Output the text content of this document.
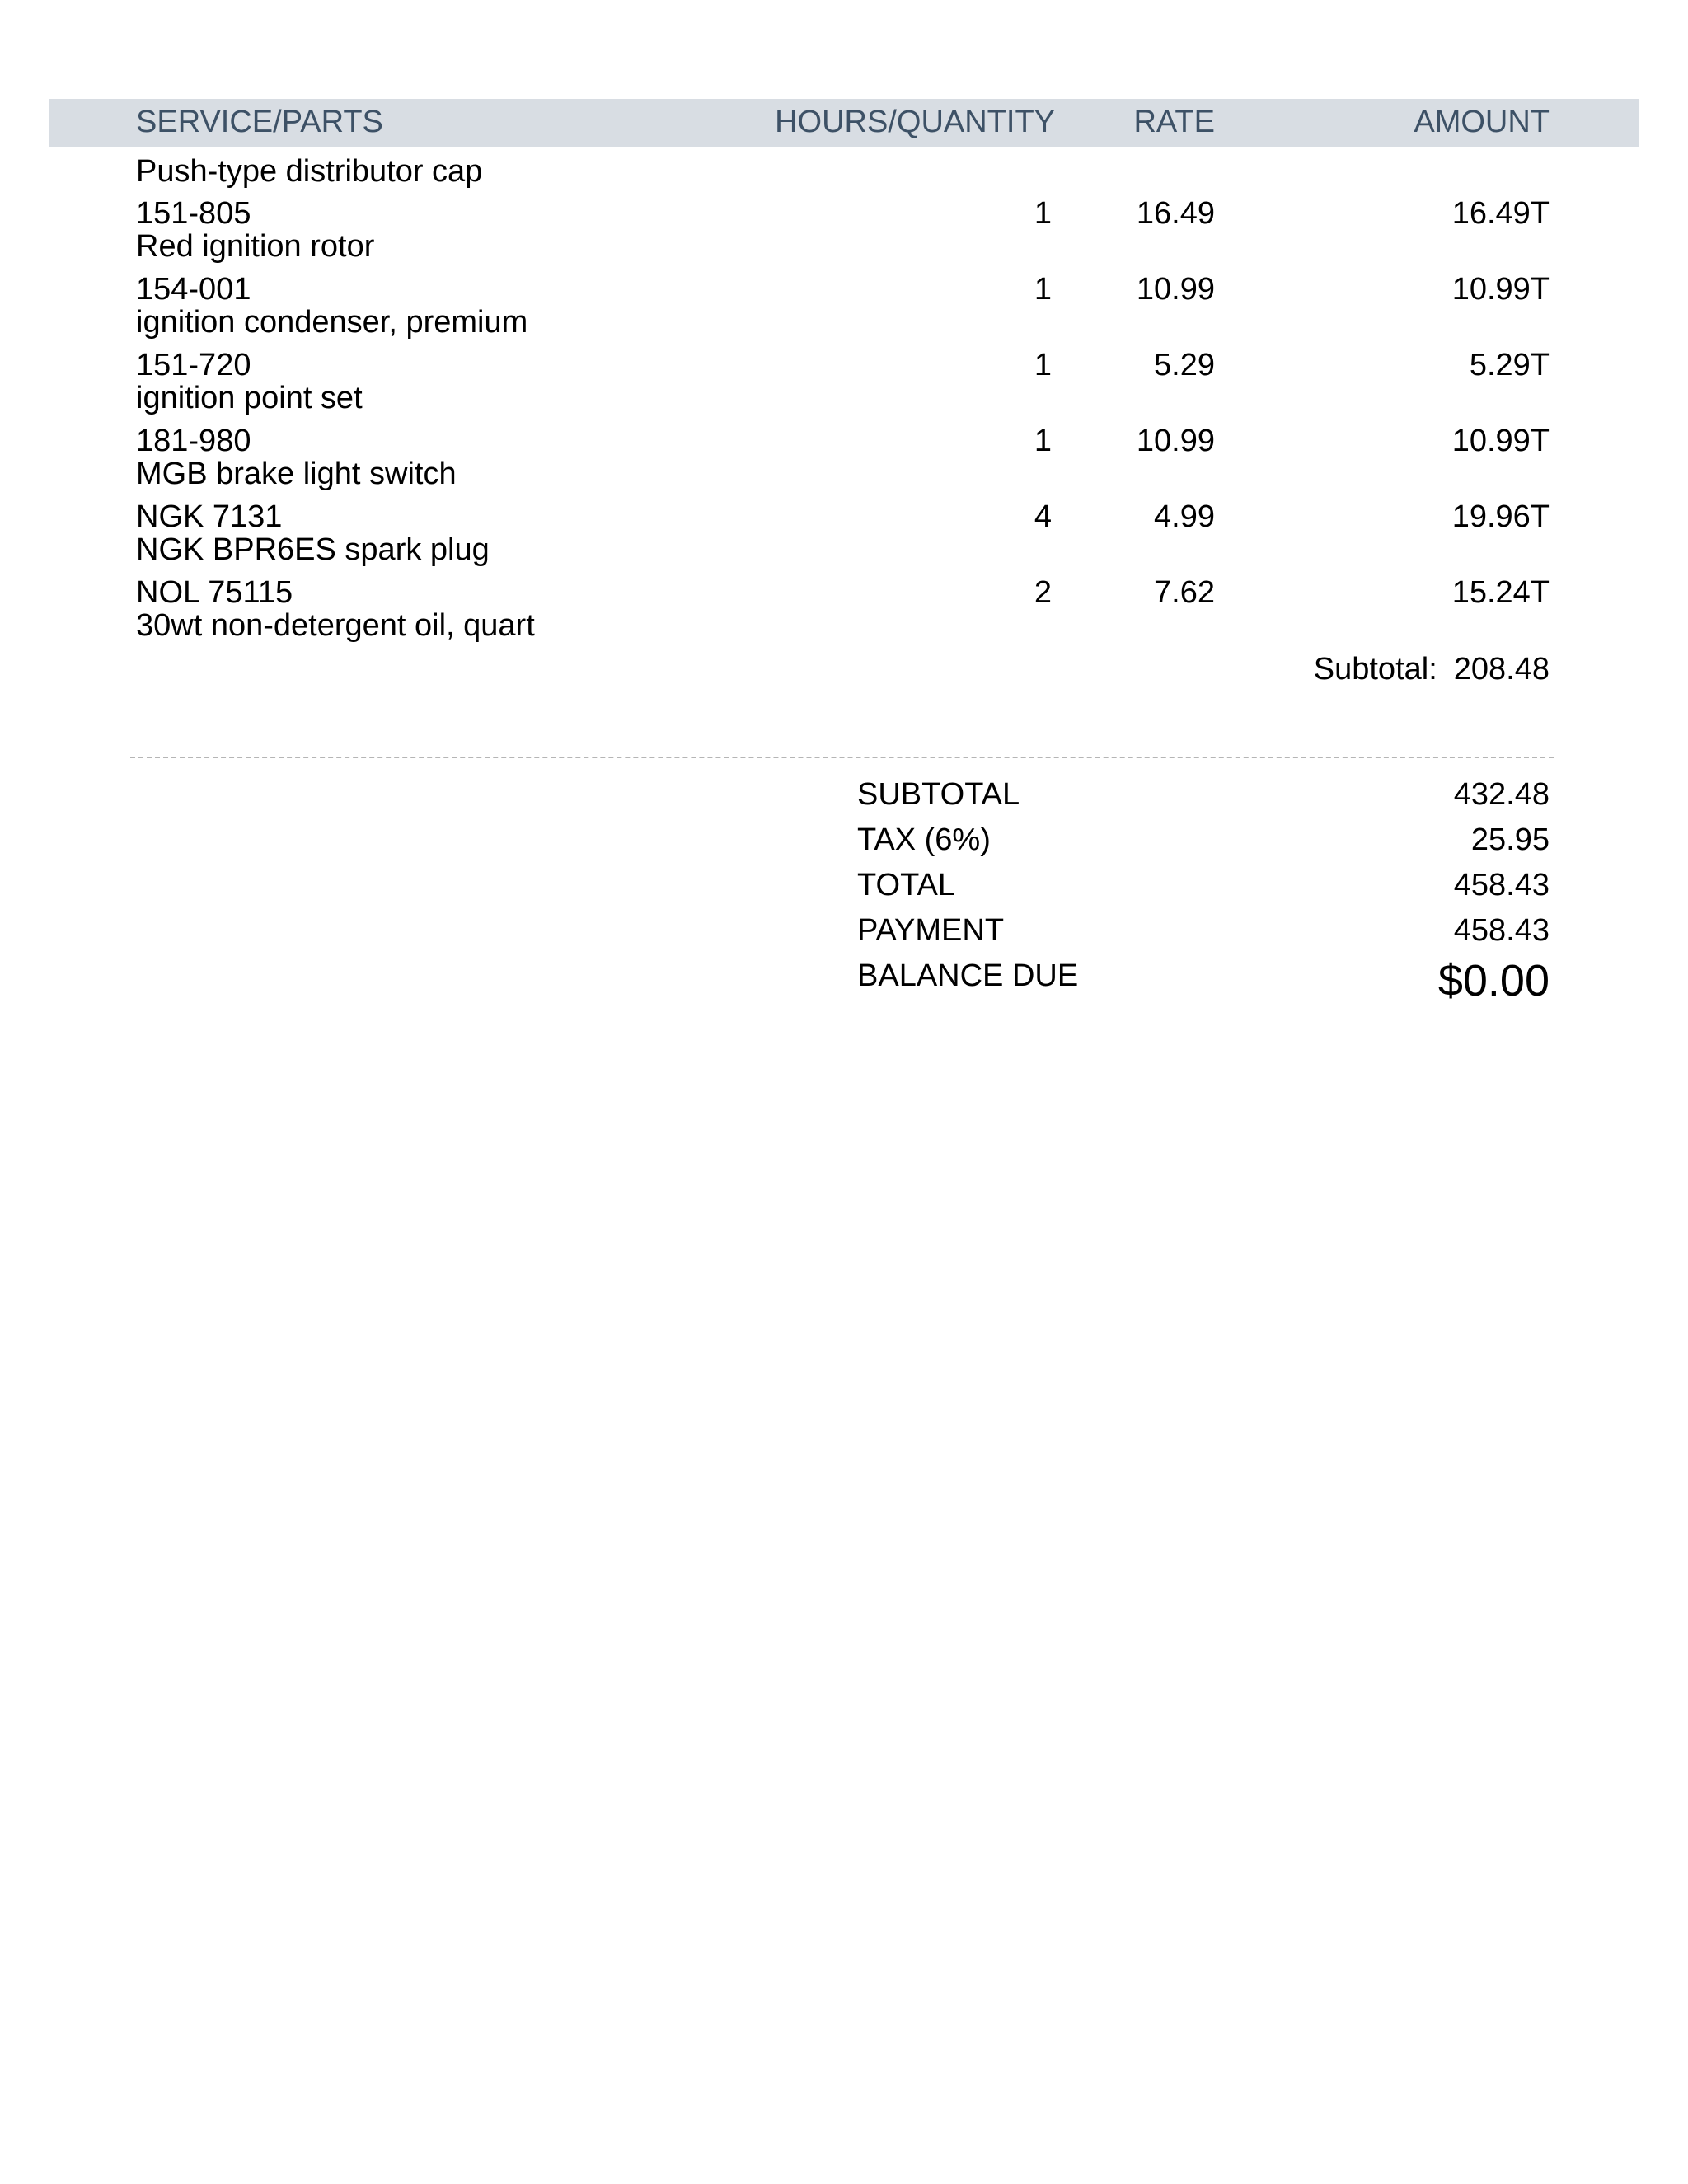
SERVICE/PARTS	HOURS/QUANTITY	RATE	AMOUNT
Push-type distributor cap
151-805	1	16.49	16.49T
Red ignition rotor
154-001	1	10.99	10.99T
ignition condenser, premium
151-720	1	5.29	5.29T
ignition point set
181-980	1	10.99	10.99T
MGB brake light switch
NGK 7131	4	4.99	19.96T
NGK BPR6ES spark plug
NOL 75115	2	7.62	15.24T
30wt non-detergent oil, quart
Subtotal: 208.48
SUBTOTAL	432.48
TAX (6%)	25.95
TOTAL	458.43
PAYMENT	458.43
BALANCE DUE	$0.00
